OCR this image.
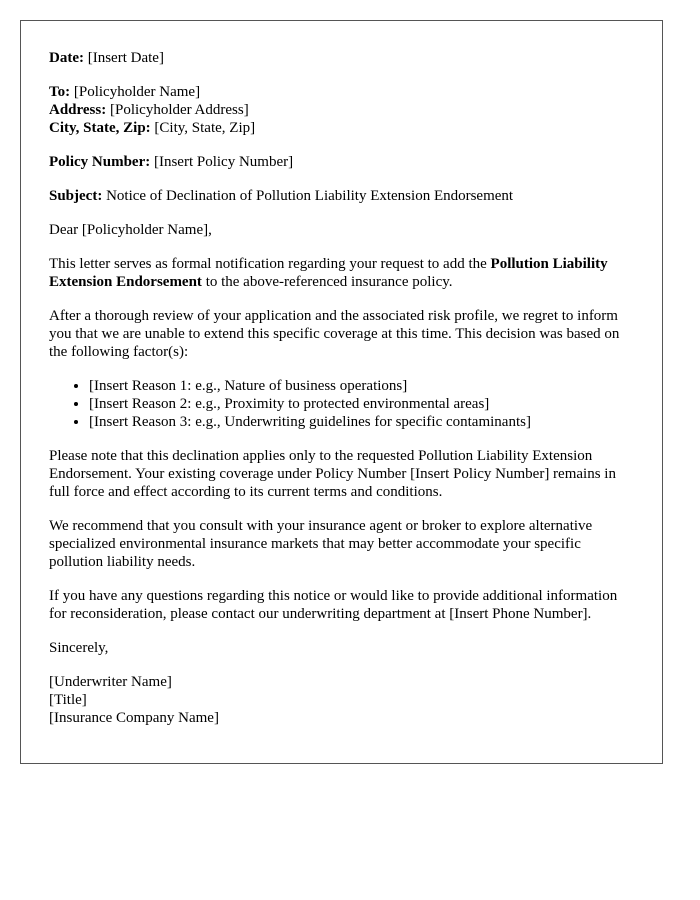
Date: [Insert Date]

To: [Policyholder Name]
Address: [Policyholder Address]
City, State, Zip: [City, State, Zip]

Policy Number: [Insert Policy Number]

Subject: Notice of Declination of Pollution Liability Extension Endorsement

Dear [Policyholder Name],

This letter serves as formal notification regarding your request to add the Pollution Liability Extension Endorsement to the above-referenced insurance policy.

After a thorough review of your application and the associated risk profile, we regret to inform you that we are unable to extend this specific coverage at this time. This decision was based on the following factor(s):

• [Insert Reason 1: e.g., Nature of business operations]
• [Insert Reason 2: e.g., Proximity to protected environmental areas]
• [Insert Reason 3: e.g., Underwriting guidelines for specific contaminants]

Please note that this declination applies only to the requested Pollution Liability Extension Endorsement. Your existing coverage under Policy Number [Insert Policy Number] remains in full force and effect according to its current terms and conditions.

We recommend that you consult with your insurance agent or broker to explore alternative specialized environmental insurance markets that may better accommodate your specific pollution liability needs.

If you have any questions regarding this notice or would like to provide additional information for reconsideration, please contact our underwriting department at [Insert Phone Number].

Sincerely,

[Underwriter Name]
[Title]
[Insurance Company Name]
